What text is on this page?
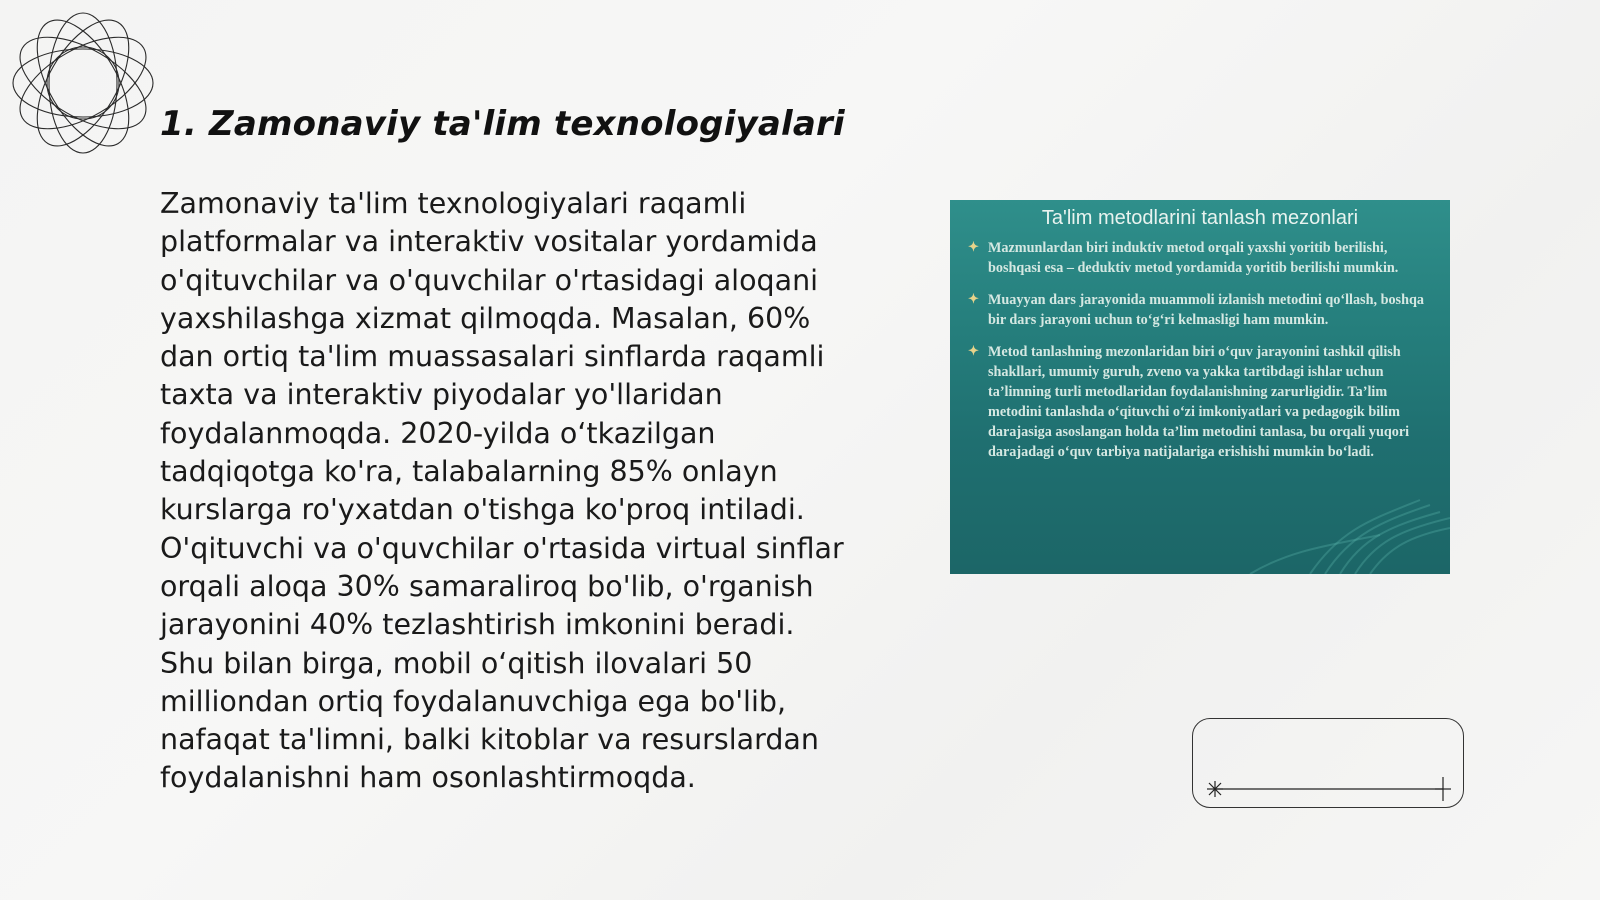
1. Zamonaviy ta'lim texnologiyalari

Zamonaviy ta'lim texnologiyalari raqamli platformalar va interaktiv vositalar yordamida o'qituvchilar va o'quvchilar o'rtasidagi aloqani yaxshilashga xizmat qilmoqda. Masalan, 60% dan ortiq ta'lim muassasalari sinflarda raqamli taxta va interaktiv piyodalar yo'llaridan foydalanmoqda. 2020-yilda o‘tkazilgan tadqiqotga ko'ra, talabalarning 85% onlayn kurslarga ro'yxatdan o'tishga ko'proq intiladi. O'qituvchi va o'quvchilar o'rtasida virtual sinflar orqali aloqa 30% samaraliroq bo'lib, o'rganish jarayonini 40% tezlashtirish imkonini beradi. Shu bilan birga, mobil o‘qitish ilovalari 50 milliondan ortiq foydalanuvchiga ega bo'lib, nafaqat ta'limni, balki kitoblar va resurslardan foydalanishni ham osonlashtirmoqda.

Ta'lim metodlarini tanlash mezonlari
✦ Mazmunlardan biri induktiv metod orqali yaxshi yoritib berilishi, boshqasi esa – deduktiv metod yordamida yoritib berilishi mumkin.
✦ Muayyan dars jarayonida muammoli izlanish metodini qo‘llash, boshqa bir dars jarayoni uchun to‘g‘ri kelmasligi ham mumkin.
✦ Metod tanlashning mezonlaridan biri o‘quv jarayonini tashkil qilish shakllari, umumiy guruh, zveno va yakka tartibdagi ishlar uchun ta’limning turli metodlaridan foydalanishning zarurligidir. Ta’lim metodini tanlashda o‘qituvchi o‘zi imkoniyatlari va pedagogik bilim darajasiga asoslangan holda ta’lim metodini tanlasa, bu orqali yuqori darajadagi o‘quv tarbiya natijalariga erishishi mumkin bo‘ladi.
